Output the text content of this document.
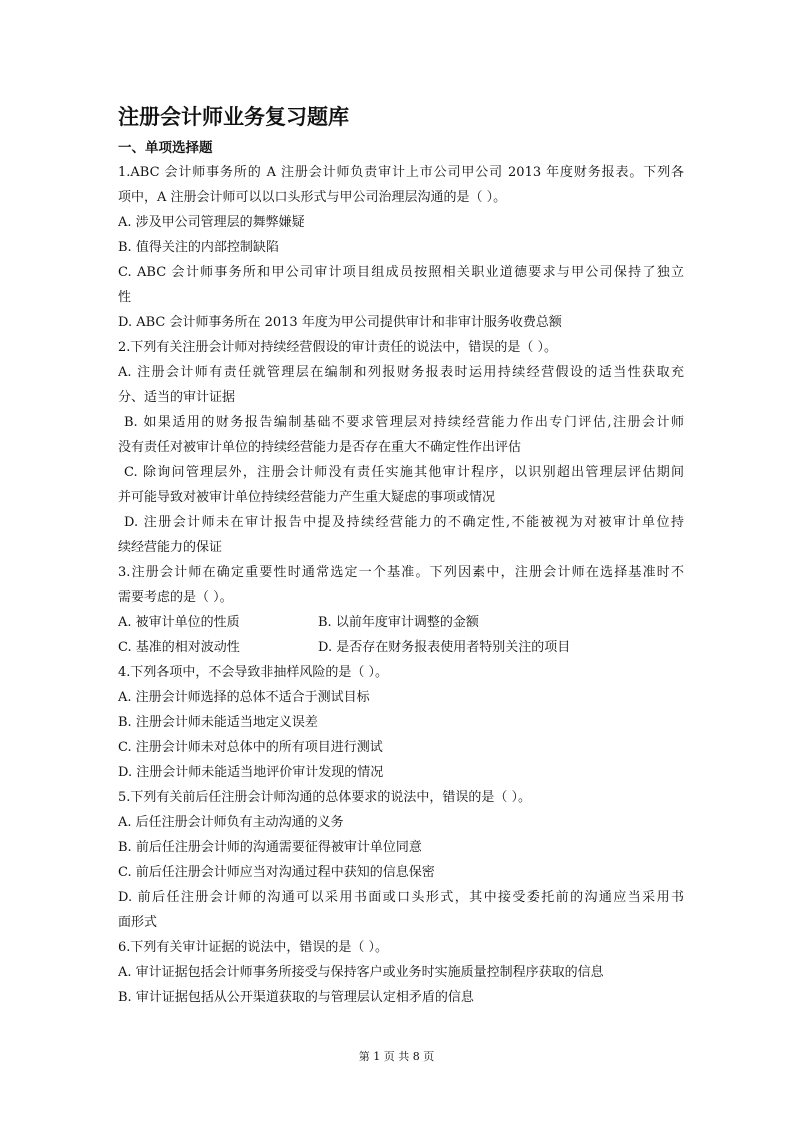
注册会计师业务复习题库
一、单项选择题
1.ABC 会计师事务所的 A 注册会计师负责审计上市公司甲公司 2013 年度财务报表。下列各
项中，A 注册会计师可以以口头形式与甲公司治理层沟通的是（ ）。
A. 涉及甲公司管理层的舞弊嫌疑
B. 值得关注的内部控制缺陷
C. ABC 会计师事务所和甲公司审计项目组成员按照相关职业道德要求与甲公司保持了独立
性
D. ABC 会计师事务所在 2013 年度为甲公司提供审计和非审计服务收费总额
2.下列有关注册会计师对持续经营假设的审计责任的说法中，错误的是（ ）。
A. 注册会计师有责任就管理层在编制和列报财务报表时运用持续经营假设的适当性获取充
分、适当的审计证据
B. 如果适用的财务报告编制基础不要求管理层对持续经营能力作出专门评估,注册会计师
没有责任对被审计单位的持续经营能力是否存在重大不确定性作出评估
C. 除询问管理层外，注册会计师没有责任实施其他审计程序，以识别超出管理层评估期间
并可能导致对被审计单位持续经营能力产生重大疑虑的事项或情况
D. 注册会计师未在审计报告中提及持续经营能力的不确定性,不能被视为对被审计单位持
续经营能力的保证
3.注册会计师在确定重要性时通常选定一个基准。下列因素中，注册会计师在选择基准时不
需要考虑的是（ ）。
A. 被审计单位的性质	B. 以前年度审计调整的金额
C. 基准的相对波动性	D. 是否存在财务报表使用者特别关注的项目
4.下列各项中，不会导致非抽样风险的是（ ）。
A. 注册会计师选择的总体不适合于测试目标
B. 注册会计师未能适当地定义误差
C. 注册会计师未对总体中的所有项目进行测试
D. 注册会计师未能适当地评价审计发现的情况
5.下列有关前后任注册会计师沟通的总体要求的说法中，错误的是（ ）。
A. 后任注册会计师负有主动沟通的义务
B. 前后任注册会计师的沟通需要征得被审计单位同意
C. 前后任注册会计师应当对沟通过程中获知的信息保密
D. 前后任注册会计师的沟通可以采用书面或口头形式，其中接受委托前的沟通应当采用书
面形式
6.下列有关审计证据的说法中，错误的是（ ）。
A. 审计证据包括会计师事务所接受与保持客户或业务时实施质量控制程序获取的信息
B. 审计证据包括从公开渠道获取的与管理层认定相矛盾的信息
第 1 页 共 8 页
